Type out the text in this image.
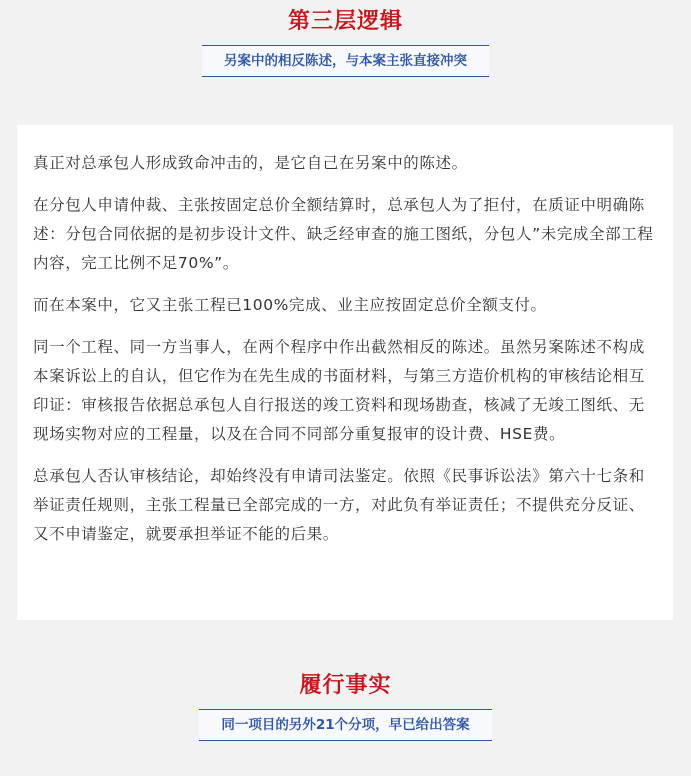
第三层逻辑
另案中的相反陈述，与本案主张直接冲突

真正对总承包人形成致命冲击的，是它自己在另案中的陈述。

在分包人申请仲裁、主张按固定总价全额结算时，总承包人为了拒付，在质证中明确陈述：分包合同依据的是初步设计文件、缺乏经审查的施工图纸，分包人”未完成全部工程内容，完工比例不足70%”。

而在本案中，它又主张工程已100%完成、业主应按固定总价全额支付。

同一个工程、同一方当事人，在两个程序中作出截然相反的陈述。虽然另案陈述不构成本案诉讼上的自认，但它作为在先生成的书面材料，与第三方造价机构的审核结论相互印证：审核报告依据总承包人自行报送的竣工资料和现场勘查，核减了无竣工图纸、无现场实物对应的工程量，以及在合同不同部分重复报审的设计费、HSE费。

总承包人否认审核结论，却始终没有申请司法鉴定。依照《民事诉讼法》第六十七条和举证责任规则，主张工程量已全部完成的一方，对此负有举证责任；不提供充分反证、又不申请鉴定，就要承担举证不能的后果。

履行事实
同一项目的另外21个分项，早已给出答案
